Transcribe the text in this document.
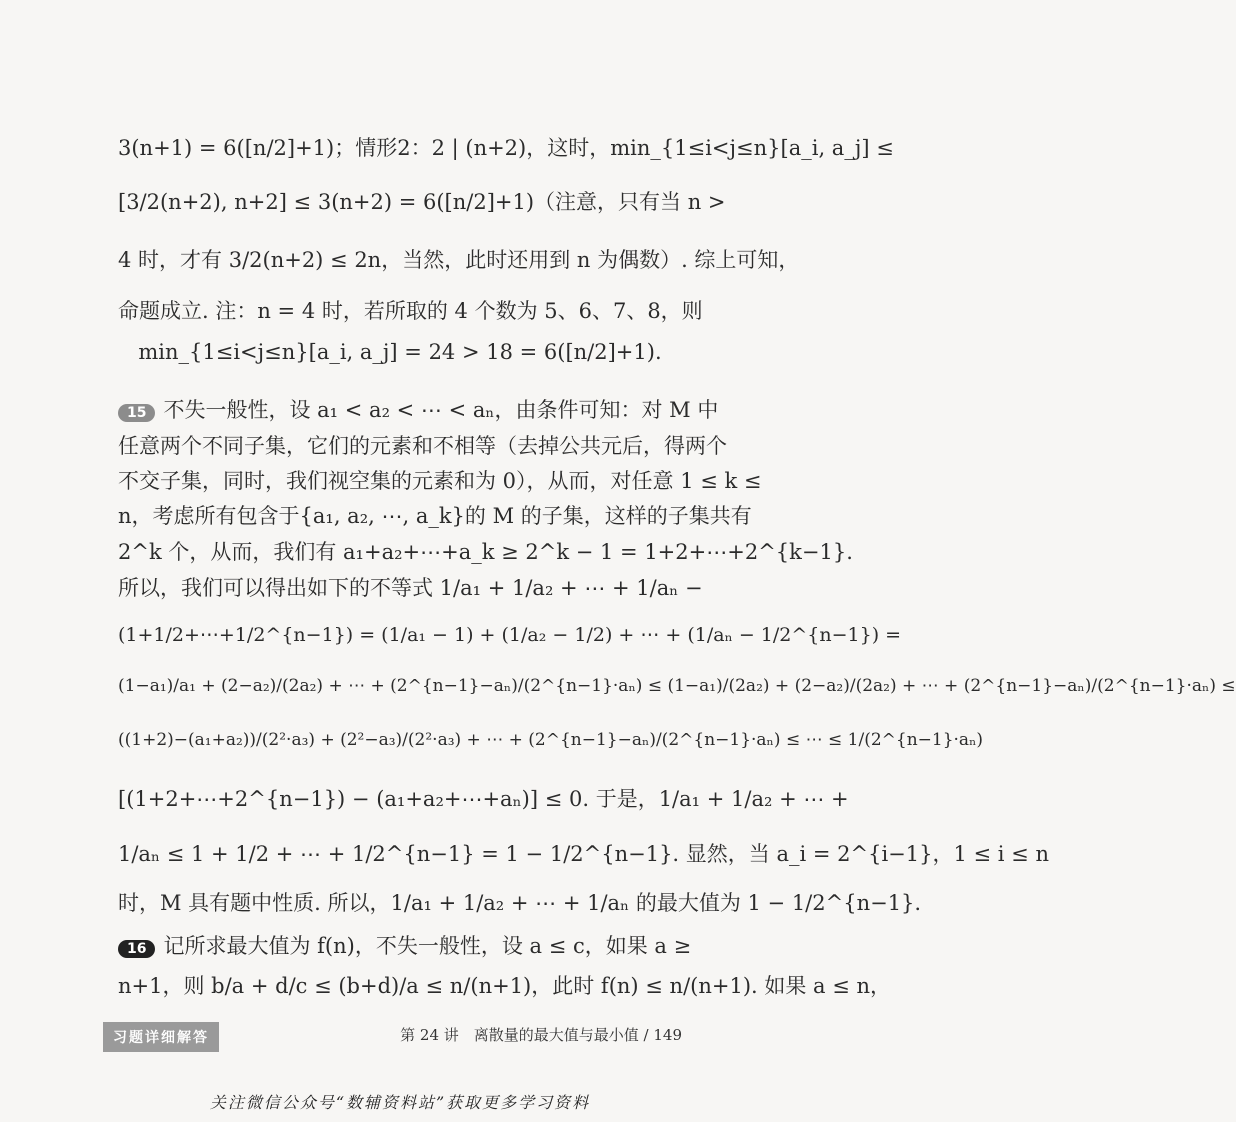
3(n+1) = 6([n/2]+1)；情形2：2 | (n+2)，这时，min_{1≤i<j≤n}[a_i, a_j] ≤
[3/2(n+2), n+2] ≤ 3(n+2) = 6([n/2]+1)（注意，只有当 n >
4 时，才有 3/2(n+2) ≤ 2n，当然，此时还用到 n 为偶数）. 综上可知，
命题成立. 注：n = 4 时，若所取的 4 个数为 5、6、7、8，则
min_{1≤i<j≤n}[a_i, a_j] = 24 > 18 = 6([n/2]+1).
15 不失一般性，设 a₁ < a₂ < ⋯ < aₙ，由条件可知：对 M 中
任意两个不同子集，它们的元素和不相等（去掉公共元后，得两个
不交子集，同时，我们视空集的元素和为 0），从而，对任意 1 ≤ k ≤
n，考虑所有包含于{a₁, a₂, ⋯, a_k}的 M 的子集，这样的子集共有
2^k 个，从而，我们有 a₁+a₂+⋯+a_k ≥ 2^k − 1 = 1+2+⋯+2^{k−1}.
所以，我们可以得出如下的不等式 1/a₁ + 1/a₂ + ⋯ + 1/aₙ −
(1+1/2+⋯+1/2^{n−1}) = (1/a₁ − 1) + (1/a₂ − 1/2) + ⋯ + (1/aₙ − 1/2^{n−1}) =
(1−a₁)/a₁ + (2−a₂)/(2a₂) + ⋯ + (2^{n−1}−aₙ)/(2^{n−1}·aₙ) ≤ (1−a₁)/(2a₂) + (2−a₂)/(2a₂) + ⋯ + (2^{n−1}−aₙ)/(2^{n−1}·aₙ) ≤
((1+2)−(a₁+a₂))/(2²·a₃) + (2²−a₃)/(2²·a₃) + ⋯ + (2^{n−1}−aₙ)/(2^{n−1}·aₙ) ≤ ⋯ ≤ 1/(2^{n−1}·aₙ)
[(1+2+⋯+2^{n−1}) − (a₁+a₂+⋯+aₙ)] ≤ 0. 于是，1/a₁ + 1/a₂ + ⋯ +
1/aₙ ≤ 1 + 1/2 + ⋯ + 1/2^{n−1} = 1 − 1/2^{n−1}. 显然，当 a_i = 2^{i−1}，1 ≤ i ≤ n
时，M 具有题中性质. 所以，1/a₁ + 1/a₂ + ⋯ + 1/aₙ 的最大值为 1 − 1/2^{n−1}.
16 记所求最大值为 f(n)，不失一般性，设 a ≤ c，如果 a ≥
n+1，则 b/a + d/c ≤ (b+d)/a ≤ n/(n+1)，此时 f(n) ≤ n/(n+1). 如果 a ≤ n，
习题详细解答	第 24 讲　离散量的最大值与最小值 / 149
关注微信公众号“数辅资料站”获取更多学习资料
